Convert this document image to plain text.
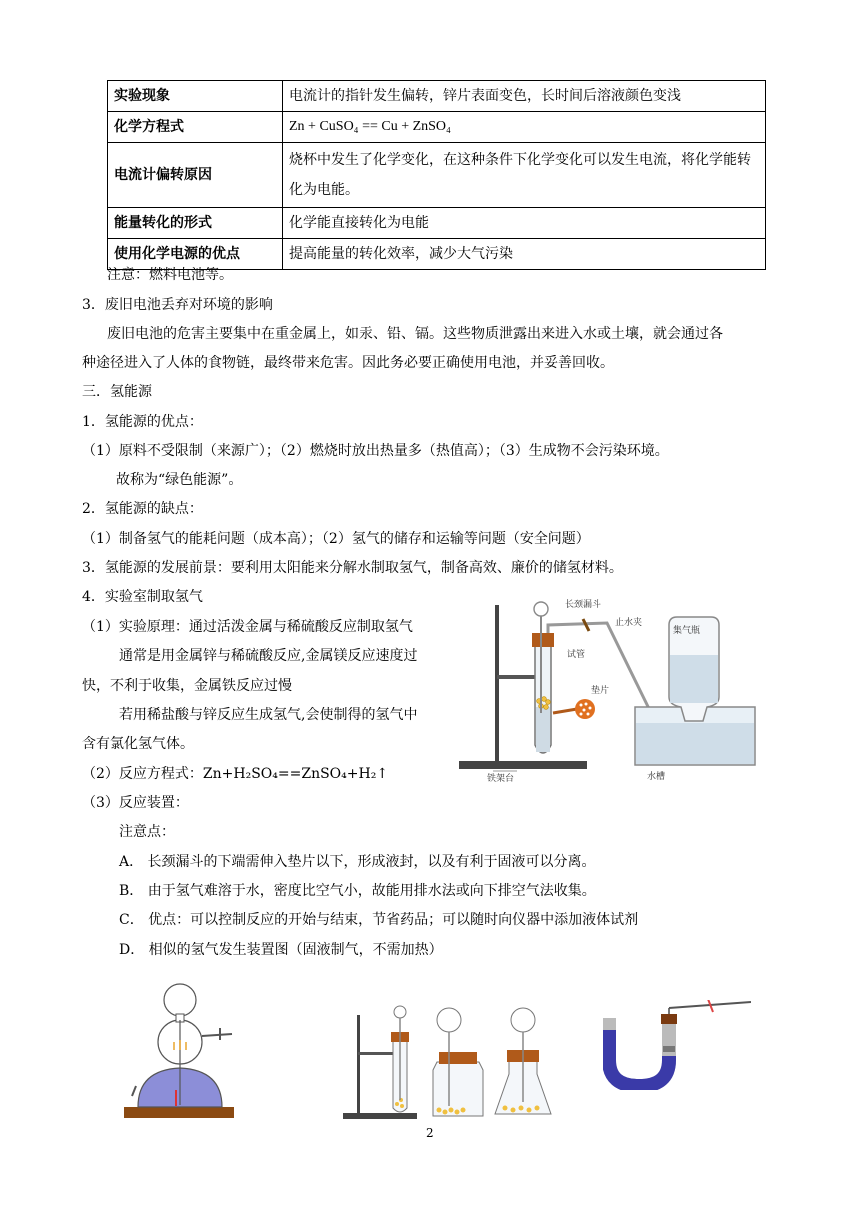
实验现象	电流计的指针发生偏转，锌片表面变色，长时间后溶液颜色变浅
化学方程式	Zn + CuSO₄ == Cu + ZnSO₄
电流计偏转原因	烧杯中发生了化学变化，在这种条件下化学变化可以发生电流，将化学能转化为电能。
能量转化的形式	化学能直接转化为电能
使用化学电源的优点	提高能量的转化效率，减少大气污染
注意：燃料电池等。
3．废旧电池丢弃对环境的影响
废旧电池的危害主要集中在重金属上，如汞、铅、镉。这些物质泄露出来进入水或土壤，就会通过各
种途径进入了人体的食物链，最终带来危害。因此务必要正确使用电池，并妥善回收。
三．氢能源
1．氢能源的优点：
（1）原料不受限制（来源广）；（2）燃烧时放出热量多（热值高）；（3）生成物不会污染环境。
故称为“绿色能源”。
2．氢能源的缺点：
（1）制备氢气的能耗问题（成本高）；（2）氢气的储存和运输等问题（安全问题）
3．氢能源的发展前景：要利用太阳能来分解水制取氢气，制备高效、廉价的储氢材料。
4．实验室制取氢气
（1）实验原理：通过活泼金属与稀硫酸反应制取氢气
通常是用金属锌与稀硫酸反应,金属镁反应速度过
快，不利于收集，金属铁反应过慢
若用稀盐酸与锌反应生成氢气,会使制得的氢气中
含有氯化氢气体。
（2）反应方程式：Zn+H₂SO₄==ZnSO₄+H₂↑
（3）反应装置：
注意点：
A． 长颈漏斗的下端需伸入垫片以下，形成液封，以及有利于固液可以分离。
B． 由于氢气难溶于水，密度比空气小，故能用排水法或向下排空气法收集。
C． 优点：可以控制反应的开始与结束，节省药品；可以随时向仪器中添加液体试剂
D． 相似的氢气发生装置图（固液制气，不需加热）
长颈漏斗
止水夹
集气瓶
试管
垫片
铁架台	水槽
2
